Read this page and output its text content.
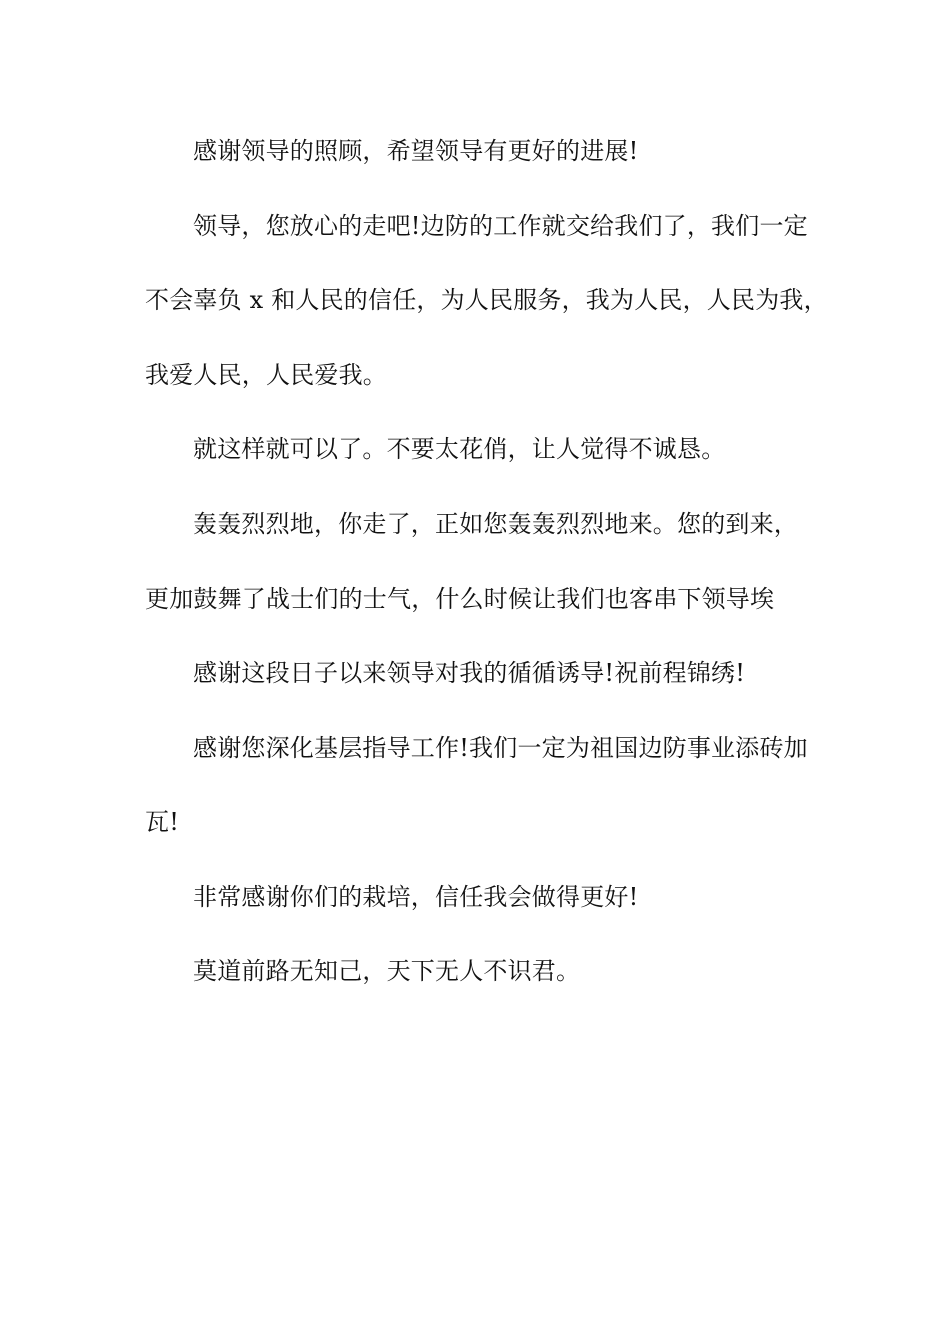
感谢领导的照顾，希望领导有更好的进展!
领导，您放心的走吧!边防的工作就交给我们了，我们一定
不会辜负 x 和人民的信任，为人民服务，我为人民，人民为我，
我爱人民，人民爱我。
就这样就可以了。不要太花俏，让人觉得不诚恳。
轰轰烈烈地，你走了，正如您轰轰烈烈地来。您的到来，
更加鼓舞了战士们的士气，什么时候让我们也客串下领导埃
感谢这段日子以来领导对我的循循诱导!祝前程锦绣!
感谢您深化基层指导工作!我们一定为祖国边防事业添砖加
瓦!
非常感谢你们的栽培，信任我会做得更好!
莫道前路无知己，天下无人不识君。
